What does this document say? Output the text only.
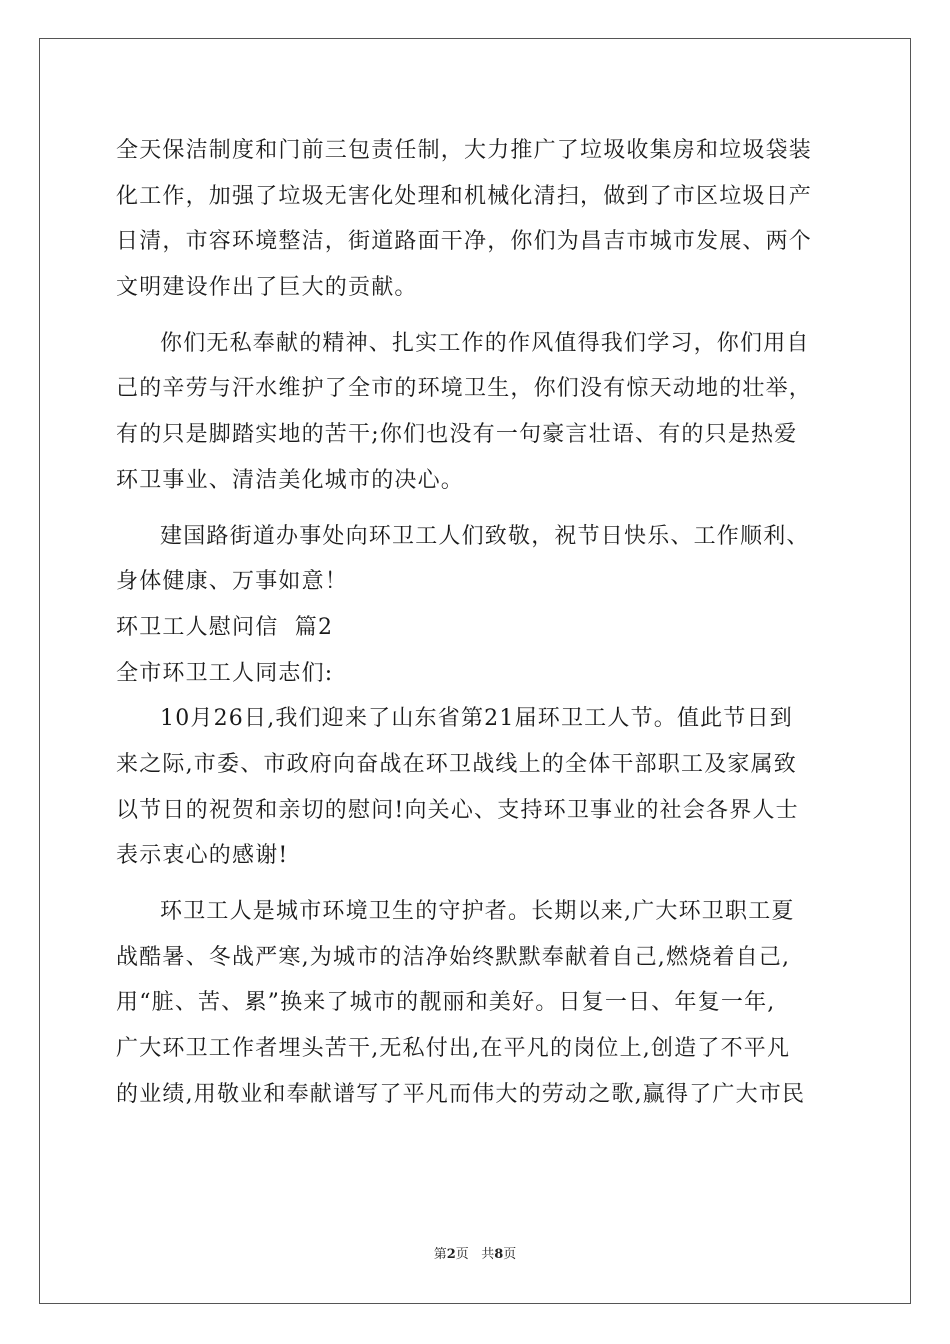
全天保洁制度和门前三包责任制，大力推广了垃圾收集房和垃圾袋装
化工作，加强了垃圾无害化处理和机械化清扫，做到了市区垃圾日产
日清，市容环境整洁，街道路面干净，你们为昌吉市城市发展、两个
文明建设作出了巨大的贡献。
你们无私奉献的精神、扎实工作的作风值得我们学习，你们用自
己的辛劳与汗水维护了全市的环境卫生，你们没有惊天动地的壮举，
有的只是脚踏实地的苦干;你们也没有一句豪言壮语、有的只是热爱
环卫事业、清洁美化城市的决心。
建国路街道办事处向环卫工人们致敬，祝节日快乐、工作顺利、
身体健康、万事如意！
环卫工人慰问信  篇2
全市环卫工人同志们:
10月26日,我们迎来了山东省第21届环卫工人节。值此节日到
来之际,市委、市政府向奋战在环卫战线上的全体干部职工及家属致
以节日的祝贺和亲切的慰问!向关心、支持环卫事业的社会各界人士
表示衷心的感谢!
环卫工人是城市环境卫生的守护者。长期以来,广大环卫职工夏
战酷暑、冬战严寒,为城市的洁净始终默默奉献着自己,燃烧着自己,
用“脏、苦、累”换来了城市的靓丽和美好。日复一日、年复一年,
广大环卫工作者埋头苦干,无私付出,在平凡的岗位上,创造了不平凡
的业绩,用敬业和奉献谱写了平凡而伟大的劳动之歌,赢得了广大市民
第2页   共8页
